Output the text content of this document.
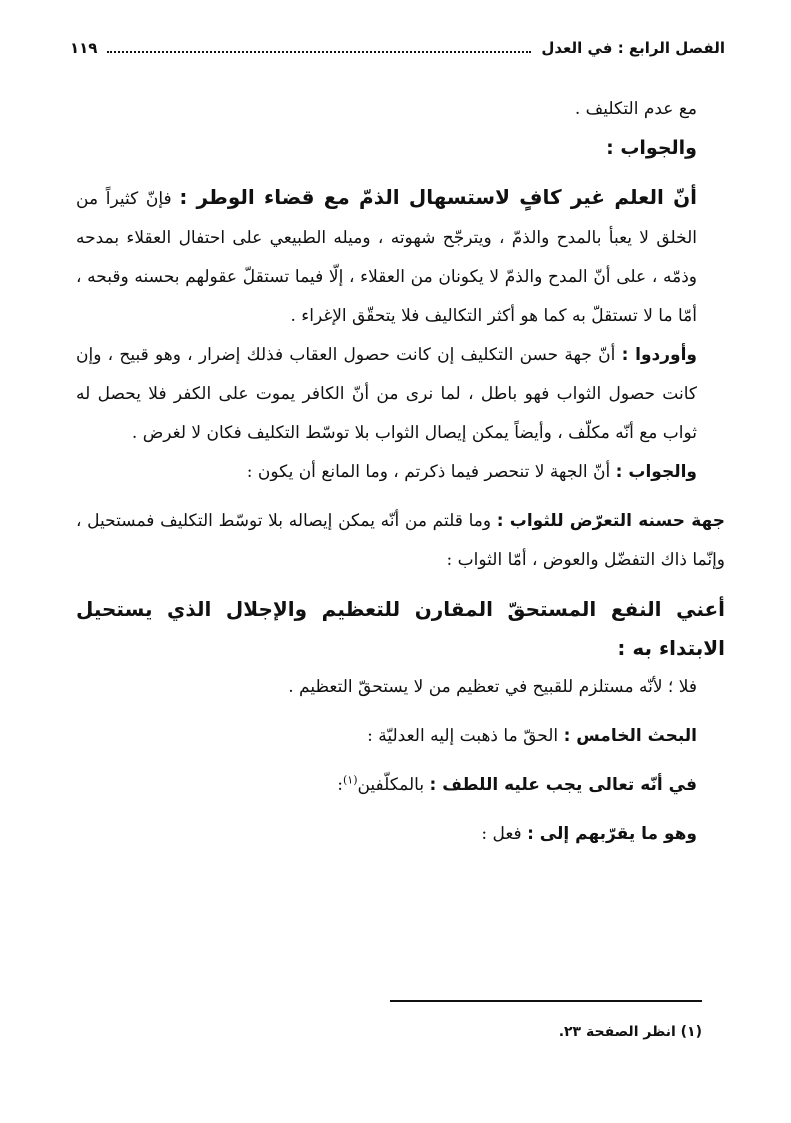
الفصل الرابع : في العدل
١١٩

مع عدم التكليف .

والجواب :

أنّ العلم غير كافٍ لاستسهال الذمّ مع قضاء الوطر : فإنّ كثيراً من الخلق لا يعبأ بالمدح والذمّ ، ويترجّح شهوته ، وميله الطبيعي على احتفال العقلاء بمدحه وذمّه ، على أنّ المدح والذمّ لا يكونان من العقلاء ، إلّا فيما تستقلّ عقولهم بحسنه وقبحه ، أمّا ما لا تستقلّ به كما هو أكثر التكاليف فلا يتحقّق الإغراء .

وأوردوا : أنّ جهة حسن التكليف إن كانت حصول العقاب فذلك إضرار ، وهو قبيح ، وإن كانت حصول الثواب فهو باطل ، لما نرى من أنّ الكافر يموت على الكفر فلا يحصل له ثواب مع أنّه مكلّف ، وأيضاً يمكن إيصال الثواب بلا توسّط التكليف فكان لا لغرض .

والجواب : أنّ الجهة لا تنحصر فيما ذكرتم ، وما المانع أن يكون :

جهة حسنه التعرّض للثواب : وما قلتم من أنّه يمكن إيصاله بلا توسّط التكليف فمستحيل ، وإنّما ذاك التفضّل والعوض ، أمّا الثواب :

أعني النفع المستحقّ المقارن للتعظيم والإجلال الذي يستحيل الابتداء به :

فلا ؛ لأنّه مستلزم للقبيح في تعظيم من لا يستحقّ التعظيم .

البحث الخامس : الحقّ ما ذهبت إليه العدليّة :

في أنّه تعالى يجب عليه اللطف : بالمكلّفين$^{(١)}$:

وهو ما يقرّبهم إلى : فعل :

(١) انظر الصفحة ٢٣.
